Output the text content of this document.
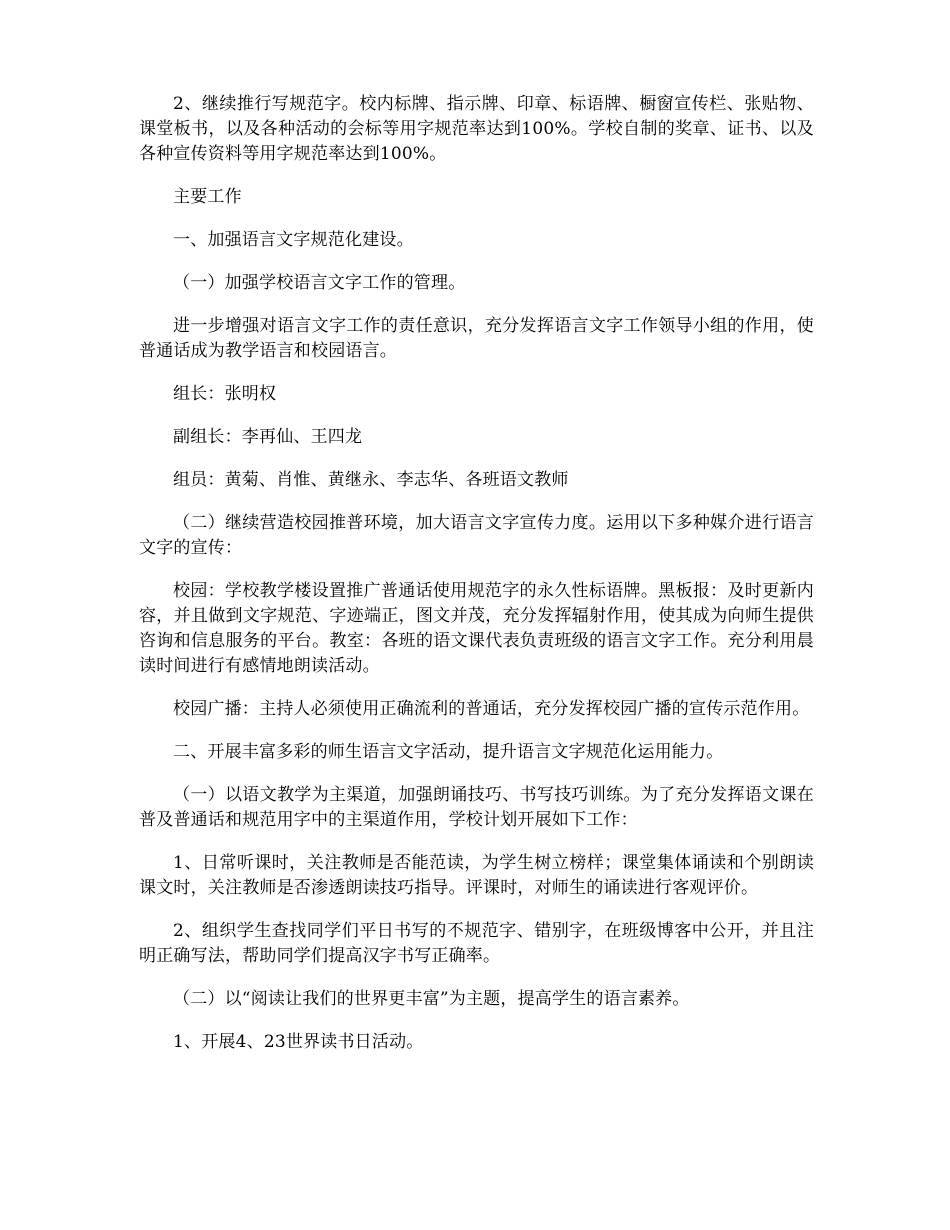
2、继续推行写规范字。校内标牌、指示牌、印章、标语牌、橱窗宣传栏、张贴物、课堂板书，以及各种活动的会标等用字规范率达到100%。学校自制的奖章、证书、以及各种宣传资料等用字规范率达到100%。

主要工作

一、加强语言文字规范化建设。

（一）加强学校语言文字工作的管理。

进一步增强对语言文字工作的责任意识，充分发挥语言文字工作领导小组的作用，使普通话成为教学语言和校园语言。

组长：张明权

副组长：李再仙、王四龙

组员：黄菊、肖惟、黄继永、李志华、各班语文教师

（二）继续营造校园推普环境，加大语言文字宣传力度。运用以下多种媒介进行语言文字的宣传：

校园：学校教学楼设置推广普通话使用规范字的永久性标语牌。黑板报：及时更新内容，并且做到文字规范、字迹端正，图文并茂，充分发挥辐射作用，使其成为向师生提供咨询和信息服务的平台。教室：各班的语文课代表负责班级的语言文字工作。充分利用晨读时间进行有感情地朗读活动。

校园广播：主持人必须使用正确流利的普通话，充分发挥校园广播的宣传示范作用。

二、开展丰富多彩的师生语言文字活动，提升语言文字规范化运用能力。

（一）以语文教学为主渠道，加强朗诵技巧、书写技巧训练。为了充分发挥语文课在普及普通话和规范用字中的主渠道作用，学校计划开展如下工作：

1、日常听课时，关注教师是否能范读，为学生树立榜样；课堂集体诵读和个别朗读课文时，关注教师是否渗透朗读技巧指导。评课时，对师生的诵读进行客观评价。

2、组织学生查找同学们平日书写的不规范字、错别字，在班级博客中公开，并且注明正确写法，帮助同学们提高汉字书写正确率。

（二）以“阅读让我们的世界更丰富”为主题，提高学生的语言素养。

1、开展4、23世界读书日活动。
